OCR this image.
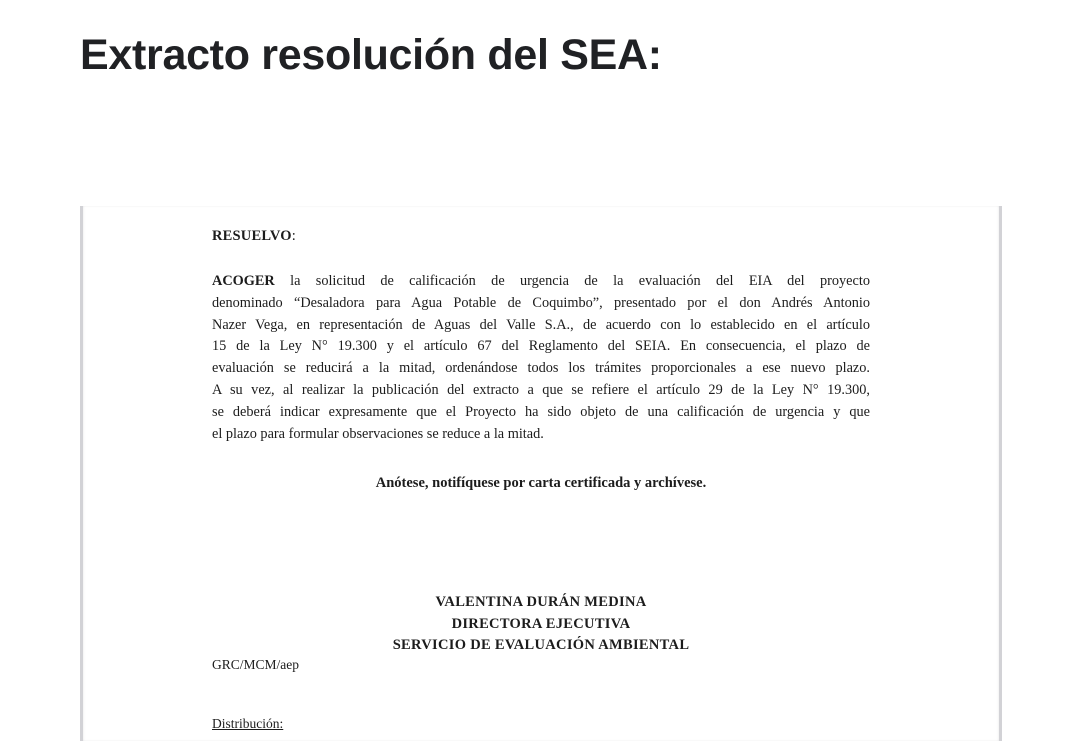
Extracto resolución del SEA:
RESUELVO:
ACOGER la solicitud de calificación de urgencia de la evaluación del EIA del proyecto
denominado “Desaladora para Agua Potable de Coquimbo”, presentado por el don Andrés Antonio
Nazer Vega, en representación de Aguas del Valle S.A., de acuerdo con lo establecido en el artículo
15 de la Ley N° 19.300 y el artículo 67 del Reglamento del SEIA. En consecuencia, el plazo de
evaluación se reducirá a la mitad, ordenándose todos los trámites proporcionales a ese nuevo plazo.
A su vez, al realizar la publicación del extracto a que se refiere el artículo 29 de la Ley N° 19.300,
se deberá indicar expresamente que el Proyecto ha sido objeto de una calificación de urgencia y que
el plazo para formular observaciones se reduce a la mitad.
Anótese, notifíquese por carta certificada y archívese.
VALENTINA DURÁN MEDINA
DIRECTORA EJECUTIVA
SERVICIO DE EVALUACIÓN AMBIENTAL
GRC/MCM/aep
Distribución:
